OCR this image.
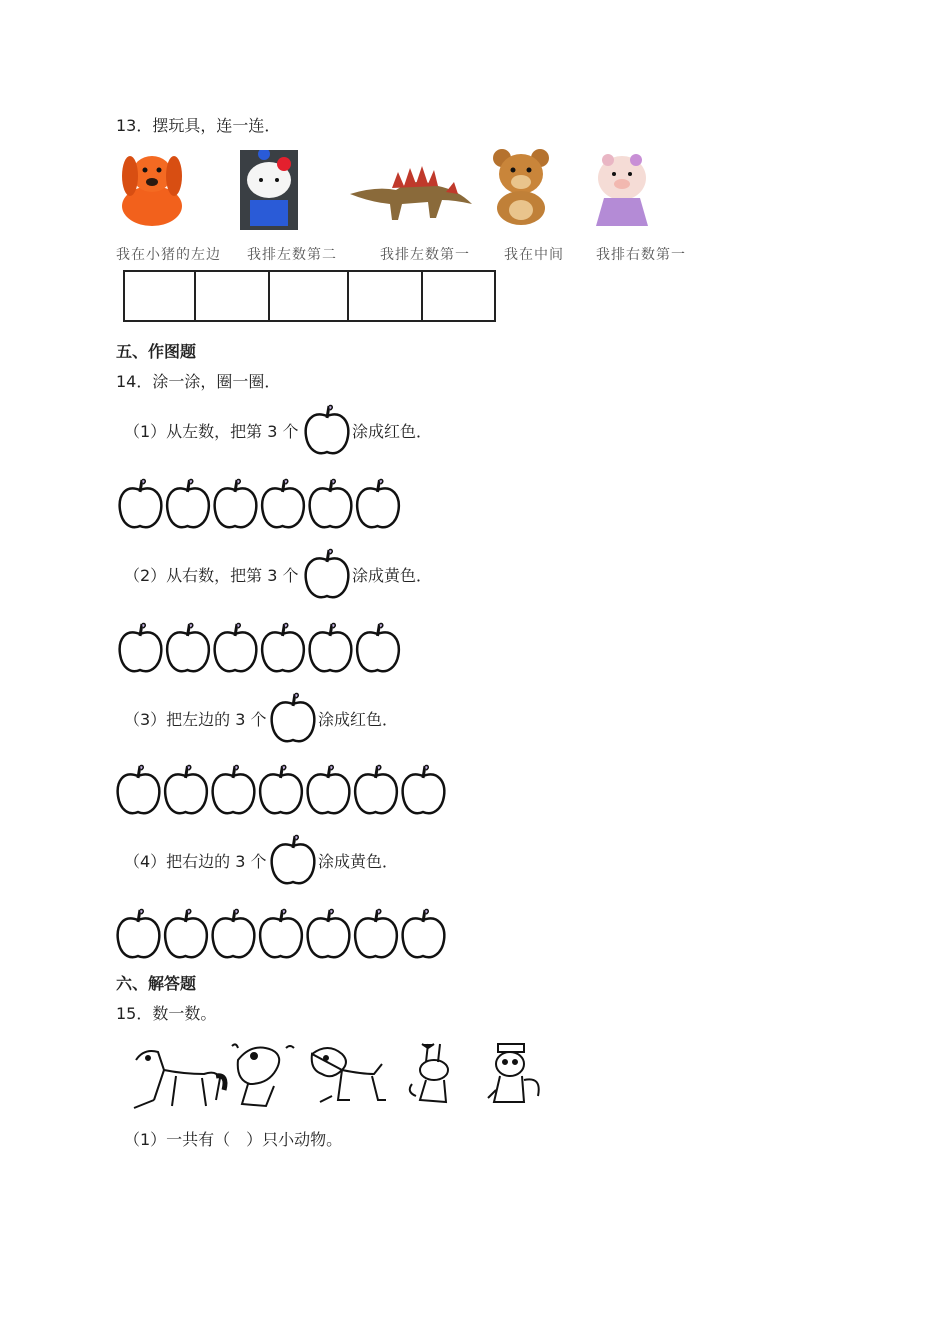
13．摆玩具，连一连．
我在小猪的左边 我排左数第二	我排左数第一 我在中间 我排右数第一
五、作图题
14．涂一涂，圈一圈．
（1）从左数，把第 3 个	涂成红色．
（2）从右数，把第 3 个	涂成黄色．
（3）把左边的 3 个	涂成红色．
（4）把右边的 3 个	涂成黄色．
六、解答题
15．数一数。
（1）一共有（　）只小动物。
